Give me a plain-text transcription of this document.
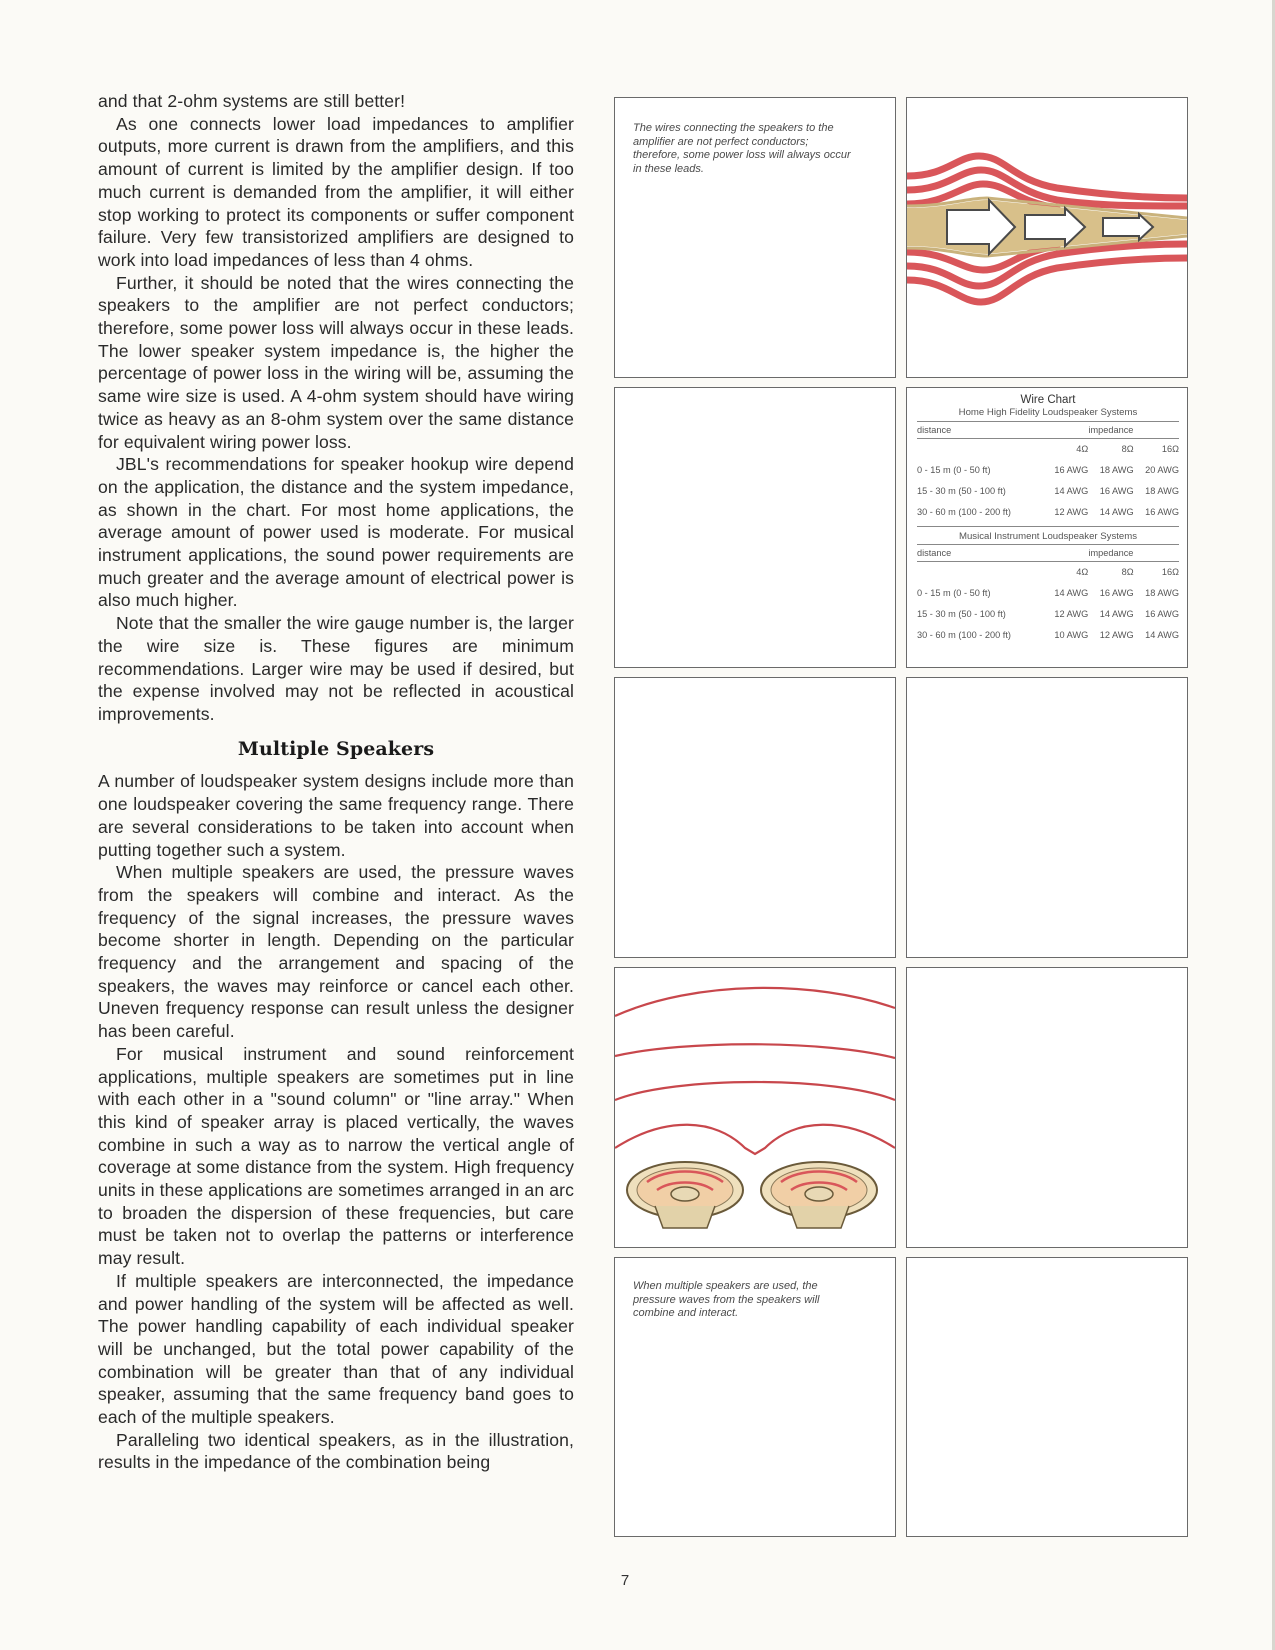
and that 2-ohm systems are still better!

As one connects lower load impedances to amplifier outputs, more current is drawn from the amplifiers, and this amount of current is limited by the amplifier design. If too much current is demanded from the amplifier, it will either stop working to protect its components or suffer component failure. Very few transistorized amplifiers are designed to work into load impedances of less than 4 ohms.

Further, it should be noted that the wires connecting the speakers to the amplifier are not perfect conductors; therefore, some power loss will always occur in these leads. The lower speaker system impedance is, the higher the percentage of power loss in the wiring will be, assuming the same wire size is used. A 4-ohm system should have wiring twice as heavy as an 8-ohm system over the same distance for equivalent wiring power loss.

JBL's recommendations for speaker hookup wire depend on the application, the distance and the system impedance, as shown in the chart. For most home applications, the average amount of power used is moderate. For musical instrument applications, the sound power requirements are much greater and the average amount of electrical power is also much higher.

Note that the smaller the wire gauge number is, the larger the wire size is. These figures are minimum recommendations. Larger wire may be used if desired, but the expense involved may not be reflected in acoustical improvements.

Multiple Speakers

A number of loudspeaker system designs include more than one loudspeaker covering the same frequency range. There are several considerations to be taken into account when putting together such a system.

When multiple speakers are used, the pressure waves from the speakers will combine and interact. As the frequency of the signal increases, the pressure waves become shorter in length. Depending on the particular frequency and the arrangement and spacing of the speakers, the waves may reinforce or cancel each other. Uneven frequency response can result unless the designer has been careful.

For musical instrument and sound reinforcement applications, multiple speakers are sometimes put in line with each other in a "sound column" or "line array." When this kind of speaker array is placed vertically, the waves combine in such a way as to narrow the vertical angle of coverage at some distance from the system. High frequency units in these applications are sometimes arranged in an arc to broaden the dispersion of these frequencies, but care must be taken not to overlap the patterns or interference may result.

If multiple speakers are interconnected, the impedance and power handling of the system will be affected as well. The power handling capability of each individual speaker will be unchanged, but the total power capability of the combination will be greater than that of any individual speaker, assuming that the same frequency band goes to each of the multiple speakers.

Paralleling two identical speakers, as in the illustration, results in the impedance of the combination being

The wires connecting the speakers to the amplifier are not perfect conductors; therefore, some power loss will always occur in these leads.
Wire Chart
Home High Fidelity Loudspeaker Systems
distance	impedance		
	4Ω	8Ω	16Ω
0 - 15 m (0 - 50 ft)	16 AWG	18 AWG	20 AWG
15 - 30 m (50 - 100 ft)	14 AWG	16 AWG	18 AWG
30 - 60 m (100 - 200 ft)	12 AWG	14 AWG	16 AWG
Musical Instrument Loudspeaker Systems
distance	impedance		
	4Ω	8Ω	16Ω
0 - 15 m (0 - 50 ft)	14 AWG	16 AWG	18 AWG
15 - 30 m (50 - 100 ft)	12 AWG	14 AWG	16 AWG
30 - 60 m (100 - 200 ft)	10 AWG	12 AWG	14 AWG
When multiple speakers are used, the pressure waves from the speakers will combine and interact.
7
